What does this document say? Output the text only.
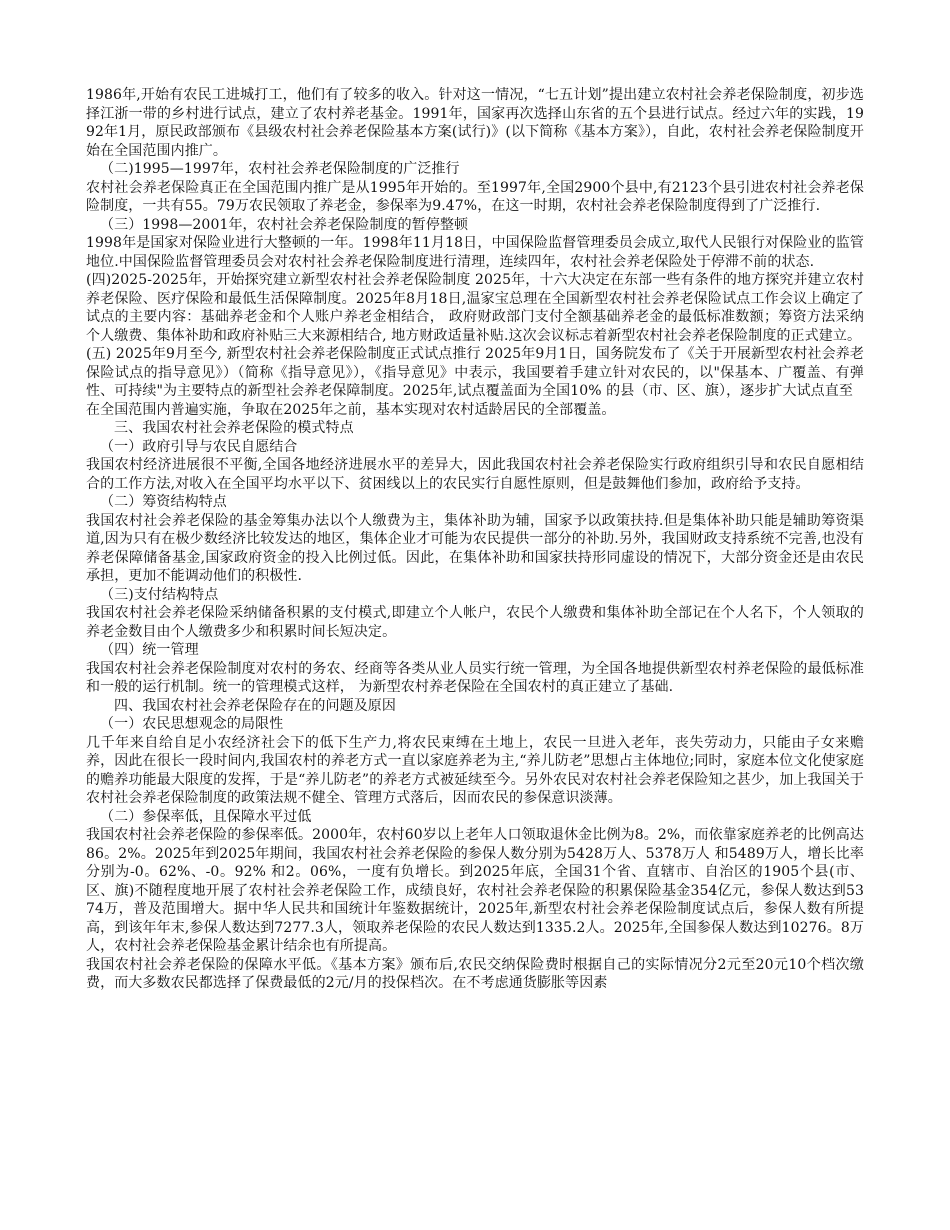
1986年,开始有农民工进城打工，他们有了较多的收入。针对这一情况，“七五计划”提出建立农村社会养老保险制度，初步选择江浙一带的乡村进行试点，建立了农村养老基金。1991年，国家再次选择山东省的五个县进行试点。经过六年的实践，1992年1月，原民政部颁布《县级农村社会养老保险基本方案(试行)》(以下简称《基本方案》），自此，农村社会养老保险制度开始在全国范围内推广。

（二)1995—1997年，农村社会养老保险制度的广泛推行

农村社会养老保险真正在全国范围内推广是从1995年开始的。至1997年,全国2900个县中,有2123个县引进农村社会养老保险制度，一共有55。79万农民领取了养老金，参保率为9.47%，在这一时期，农村社会养老保险制度得到了广泛推行.

（三）1998—2001年，农村社会养老保险制度的暂停整顿

1998年是国家对保险业进行大整顿的一年。1998年11月18日，中国保险监督管理委员会成立,取代人民银行对保险业的监管地位.中国保险监督管理委员会对农村社会养老保险制度进行清理，连续四年，农村社会养老保险处于停滞不前的状态.

(四)2025-2025年，开始探究建立新型农村社会养老保险制度 2025年，十六大决定在东部一些有条件的地方探究并建立农村养老保险、医疗保险和最低生活保障制度。2025年8月18日,温家宝总理在全国新型农村社会养老保险试点工作会议上确定了试点的主要内容：基础养老金和个人账户养老金相结合， 政府财政部门支付全额基础养老金的最低标准数额；筹资方法采纳个人缴费、集体补助和政府补贴三大来源相结合, 地方财政适量补贴.这次会议标志着新型农村社会养老保险制度的正式建立。

(五) 2025年9月至今, 新型农村社会养老保险制度正式试点推行 2025年9月1日，国务院发布了《关于开展新型农村社会养老保险试点的指导意见》）（简称《指导意见》），《指导意见》中表示，我国要着手建立针对农民的，以"保基本、广覆盖、有弹性、可持续"为主要特点的新型社会养老保障制度。2025年,试点覆盖面为全国10% 的县（市、区、旗），逐步扩大试点直至

在全国范围内普遍实施，争取在2025年之前，基本实现对农村适龄居民的全部覆盖。

三、我国农村社会养老保险的模式特点

（一）政府引导与农民自愿结合

我国农村经济进展很不平衡,全国各地经济进展水平的差异大，因此我国农村社会养老保险实行政府组织引导和农民自愿相结合的工作方法,对收入在全国平均水平以下、贫困线以上的农民实行自愿性原则，但是鼓舞他们参加，政府给予支持。

（二）筹资结构特点

我国农村社会养老保险的基金筹集办法以个人缴费为主，集体补助为辅，国家予以政策扶持.但是集体补助只能是辅助筹资渠道,因为只有在极少数经济比较发达的地区，集体企业才可能为农民提供一部分的补助.另外，我国财政支持系统不完善,也没有养老保障储备基金,国家政府资金的投入比例过低。因此，在集体补助和国家扶持形同虚设的情况下，大部分资金还是由农民承担，更加不能调动他们的积极性.

（三)支付结构特点

我国农村社会养老保险采纳储备积累的支付模式,即建立个人帐户，农民个人缴费和集体补助全部记在个人名下，个人领取的养老金数目由个人缴费多少和积累时间长短决定。

（四）统一管理

我国农村社会养老保险制度对农村的务农、经商等各类从业人员实行统一管理，为全国各地提供新型农村养老保险的最低标准和一般的运行机制。统一的管理模式这样， 为新型农村养老保险在全国农村的真正建立了基础.

四、我国农村社会养老保险存在的问题及原因

（一）农民思想观念的局限性

几千年来自给自足小农经济社会下的低下生产力,将农民束缚在土地上，农民一旦进入老年，丧失劳动力，只能由子女来赡养，因此在很长一段时间内,我国农村的养老方式一直以家庭养老为主,“养儿防老”思想占主体地位;同时，家庭本位文化使家庭的赡养功能最大限度的发挥，于是“养儿防老”的养老方式被延续至今。另外农民对农村社会养老保险知之甚少，加上我国关于农村社会养老保险制度的政策法规不健全、管理方式落后，因而农民的参保意识淡薄。

（二）参保率低，且保障水平过低

我国农村社会养老保险的参保率低。2000年，农村60岁以上老年人口领取退休金比例为8。2%，而依靠家庭养老的比例高达86。2%。2025年到2025年期间，我国农村社会养老保险的参保人数分别为5428万人、5378万人 和5489万人，增长比率分别为-0。62%、-0。92% 和2。06%，一度有负增长。到2025年底，全国31个省、直辖市、自治区的1905个县(市、区、旗)不随程度地开展了农村社会养老保险工作，成绩良好，农村社会养老保险的积累保险基金354亿元，参保人数达到5374万，普及范围增大。据中华人民共和国统计年鉴数据统计，2025年,新型农村社会养老保险制度试点后，参保人数有所提高，到该年年末,参保人数达到7277.3人，领取养老保险的农民人数达到1335.2人。2025年,全国参保人数达到10276。8万人，农村社会养老保险基金累计结余也有所提高。

我国农村社会养老保险的保障水平低。《基本方案》颁布后,农民交纳保险费时根据自己的实际情况分2元至20元10个档次缴费，而大多数农民都选择了保费最低的2元/月的投保档次。在不考虑通货膨胀等因素
